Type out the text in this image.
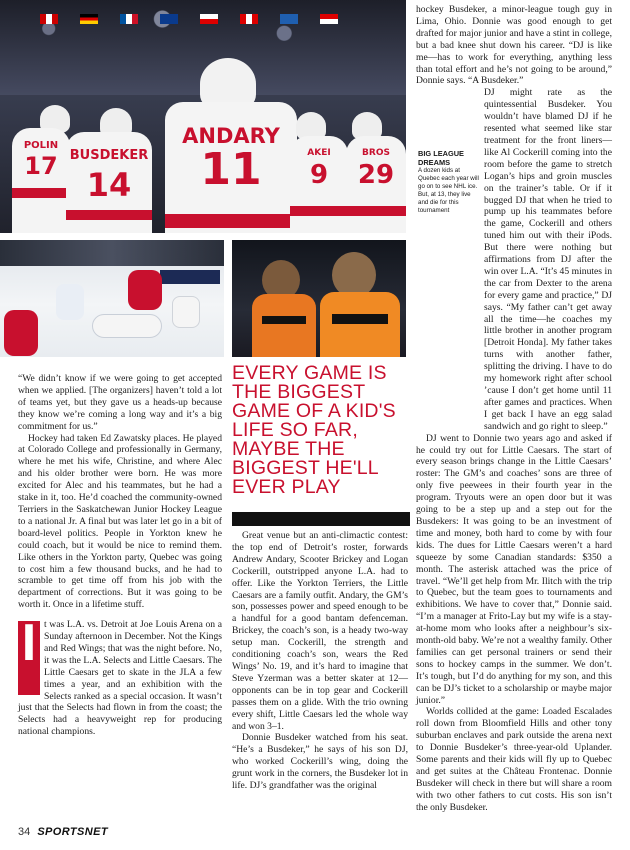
POLIN
17 BUSDEKER
14
ANDARY
11	AKEI
9
BROS
29
EVERY GAME IS THE BIGGEST GAME OF A KID'S LIFE SO FAR, MAYBE THE BIGGEST HE'LL EVER PLAY
BIG LEAGUE DREAMS
A dozen kids at Quebec each year will go on to see NHL ice. But, at 13, they live and die for this tournament

“We didn’t know if we were going to get accepted when we applied. [The organizers] haven’t told a lot of teams yet, but they gave us a heads-up because they know we’re coming a long way and it’s a big commitment for us.”

Hockey had taken Ed Zawatsky places. He played at Colorado College and professionally in Germany, where he met his wife, Christine, and where Alec and his older brother were born. He was more excited for Alec and his teammates, but he had a stake in it, too. He’d coached the community-owned Terriers in the Saskatchewan Junior Hockey League to a national Jr. A final but was later let go in a bit of board-level politics. People in Yorkton knew he could coach, but it would be nice to remind them. Like others in the Yorkton party, Quebec was going to cost him a few thousand bucks, and he had to scramble to get time off from his job with the department of corrections. But it was going to be worth it. Once in a lifetime stuff.

I t was L.A. vs. Detroit at Joe Louis Arena on a Sunday afternoon in December. Not the Kings and Red Wings; that was the night before. No, it was the L.A. Selects and Little Caesars. The Little Caesars get to skate in the JLA a few times a year, and an exhibition with the Selects ranked as a special occasion. It wasn’t just that the Selects had flown in from the coast; the Selects had a heavyweight rep for producing national champions.

Great venue but an anti-climactic contest: the top end of Detroit’s roster, forwards Andrew Andary, Scooter Brickey and Logan Cockerill, outstripped anyone L.A. had to offer. Like the Yorkton Terriers, the Little Caesars are a family outfit. Andary, the GM’s son, possesses power and speed enough to be a handful for a good bantam defenceman. Brickey, the coach’s son, is a heady two-way setup man. Cockerill, the strength and conditioning coach’s son, wears the Red Wings’ No. 19, and it’s hard to imagine that Steve Yzerman was a better skater at 12—opponents can be in top gear and Cockerill passes them on a glide. With the trio owning every shift, Little Caesars led the whole way and won 3–1.

Donnie Busdeker watched from his seat. “He’s a Busdeker,” he says of his son DJ, who worked Cockerill’s wing, doing the grunt work in the corners, the Busdeker lot in life. DJ’s grandfather was the original

hockey Busdeker, a minor-league tough guy in Lima, Ohio. Donnie was good enough to get drafted for major junior and have a stint in college, but a bad knee shut down his career. “DJ is like me—has to work for everything, anything less than total effort and he’s not going to be around,” Donnie says. “A Busdeker.”

DJ might rate as the quintessential Busdeker. You wouldn’t have blamed DJ if he resented what seemed like star treatment for the front liners—like Al Cockerill coming into the room before the game to stretch Logan’s hips and groin muscles on the trainer’s table. Or if it bugged DJ that when he tried to pump up his teammates before the game, Cockerill and others tuned him out with their iPods. But there were nothing but affirmations from DJ after the win over L.A. “It’s 45 minutes in the car from Dexter to the arena for every game and practice,” DJ says. “My father can’t get away all the time—he coaches my little brother in another program [Detroit Honda]. My father takes turns with another father, splitting the driving. I have to do my homework right after school ’cause I don’t get home until 11 after games and practices. When I get back I have an egg salad sandwich and go right to sleep.”

DJ went to Donnie two years ago and asked if he could try out for Little Caesars. The start of every season brings change in the Little Caesars’ roster: The GM’s and coaches’ sons are three of only five peewees in their fourth year in the program. Tryouts were an open door but it was going to be a step up and a step out for the Busdekers: It was going to be an investment of time and money, both hard to come by with four kids. The dues for Little Caesars weren’t a hard squeeze by some Canadian standards: $350 a month. The asterisk attached was the price of travel. “We’ll get help from Mr. Ilitch with the trip to Quebec, but the team goes to tournaments and exhibitions. We have to cover that,” Donnie said. “I’m a manager at Frito-Lay but my wife is a stay-at-home mom who looks after a neighbour’s six-month-old baby. We’re not a wealthy family. Other families can get personal trainers or send their sons to hockey camps in the summer. We don’t. It’s tough, but I’d do anything for my son, and this can be DJ’s ticket to a scholarship or maybe major junior.”

Worlds collided at the game: Loaded Escalades roll down from Bloomfield Hills and other tony suburban enclaves and park outside the arena next to Donnie Busdeker’s three-year-old Uplander. Some parents and their kids will fly up to Quebec and get suites at the Château Frontenac. Donnie Busdeker will check in there but will share a room with two other fathers to cut costs. His son isn’t the only Busdeker.

34 SPORTSNET
